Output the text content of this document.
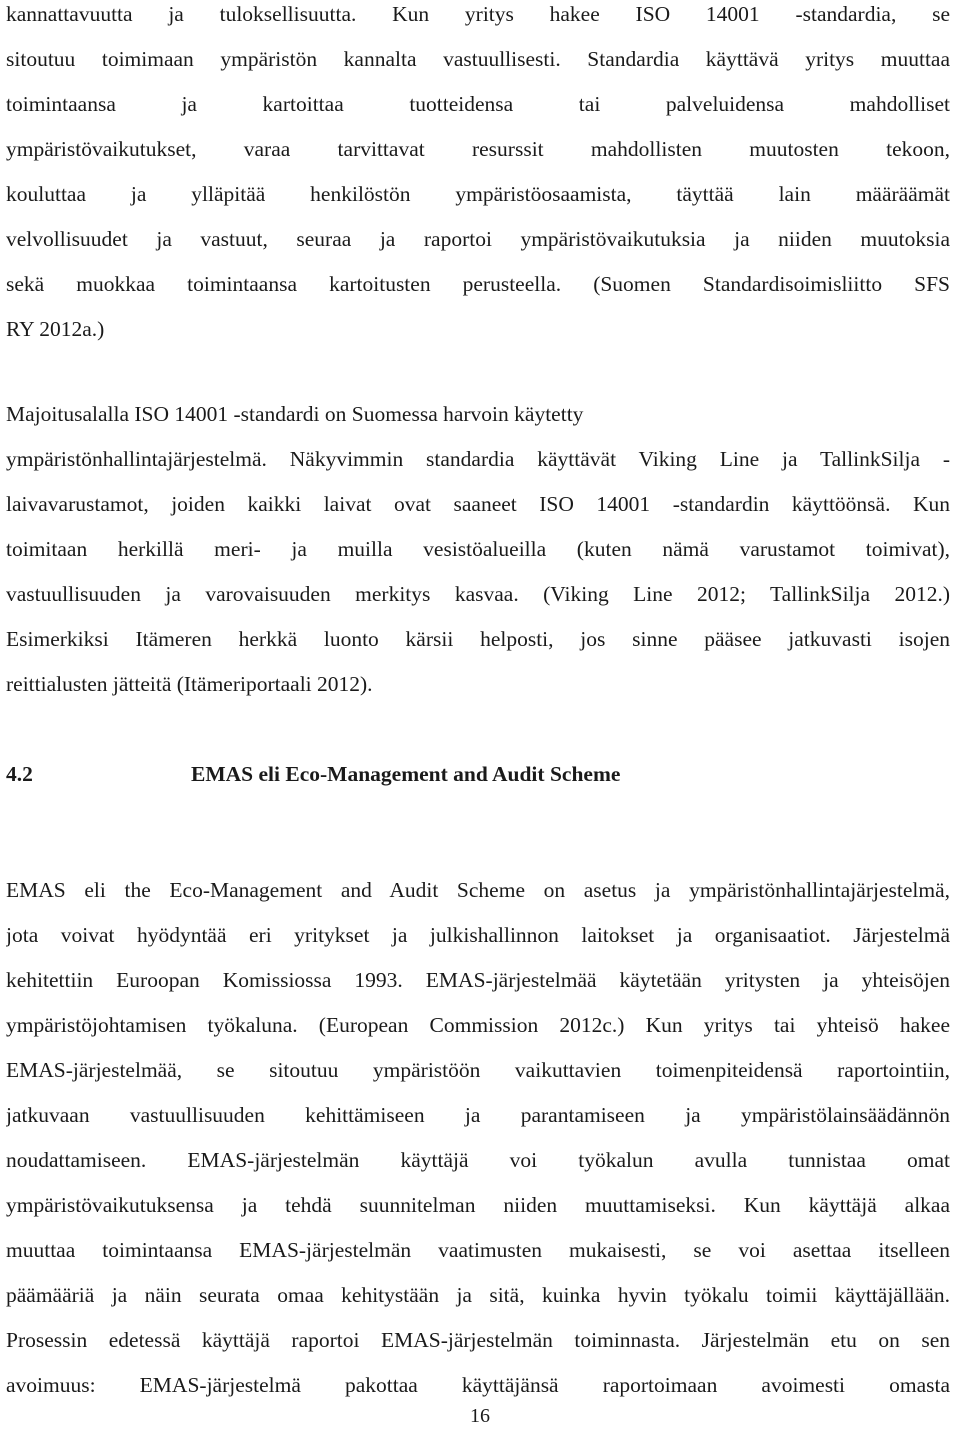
kannattavuutta ja tuloksellisuutta. Kun yritys hakee ISO 14001 -standardia, se
sitoutuu toimimaan ympäristön kannalta vastuullisesti. Standardia käyttävä yritys muuttaa
toimintaansa ja kartoittaa tuotteidensa tai palveluidensa mahdolliset
ympäristövaikutukset, varaa tarvittavat resurssit mahdollisten muutosten tekoon,
kouluttaa ja ylläpitää henkilöstön ympäristöosaamista, täyttää lain määräämät
velvollisuudet ja vastuut, seuraa ja raportoi ympäristövaikutuksia ja niiden muutoksia
sekä muokkaa toimintaansa kartoitusten perusteella. (Suomen Standardisoimisliitto SFS
RY 2012a.)
Majoitusalalla ISO 14001 -standardi on Suomessa harvoin käytetty
ympäristönhallintajärjestelmä. Näkyvimmin standardia käyttävät Viking Line ja TallinkSilja -
laivavarustamot, joiden kaikki laivat ovat saaneet ISO 14001 -standardin käyttöönsä. Kun
toimitaan herkillä meri- ja muilla vesistöalueilla (kuten nämä varustamot toimivat),
vastuullisuuden ja varovaisuuden merkitys kasvaa. (Viking Line 2012; TallinkSilja 2012.)
Esimerkiksi Itämeren herkkä luonto kärsii helposti, jos sinne pääsee jatkuvasti isojen
reittialusten jätteitä (Itämeriportaali 2012).
4.2	EMAS eli Eco-Management and Audit Scheme
EMAS eli the Eco-Management and Audit Scheme on asetus ja ympäristönhallintajärjestelmä,
jota voivat hyödyntää eri yritykset ja julkishallinnon laitokset ja organisaatiot. Järjestelmä
kehitettiin Euroopan Komissiossa 1993. EMAS-järjestelmää käytetään yritysten ja yhteisöjen
ympäristöjohtamisen työkaluna. (European Commission 2012c.) Kun yritys tai yhteisö hakee
EMAS-järjestelmää, se sitoutuu ympäristöön vaikuttavien toimenpiteidensä raportointiin,
jatkuvaan vastuullisuuden kehittämiseen ja parantamiseen ja ympäristölainsäädännön
noudattamiseen. EMAS-järjestelmän käyttäjä voi työkalun avulla tunnistaa omat
ympäristövaikutuksensa ja tehdä suunnitelman niiden muuttamiseksi. Kun käyttäjä alkaa
muuttaa toimintaansa EMAS-järjestelmän vaatimusten mukaisesti, se voi asettaa itselleen
päämääriä ja näin seurata omaa kehitystään ja sitä, kuinka hyvin työkalu toimii käyttäjällään.
Prosessin edetessä käyttäjä raportoi EMAS-järjestelmän toiminnasta. Järjestelmän etu on sen
avoimuus: EMAS-järjestelmä pakottaa käyttäjänsä raportoimaan avoimesti omasta
16
